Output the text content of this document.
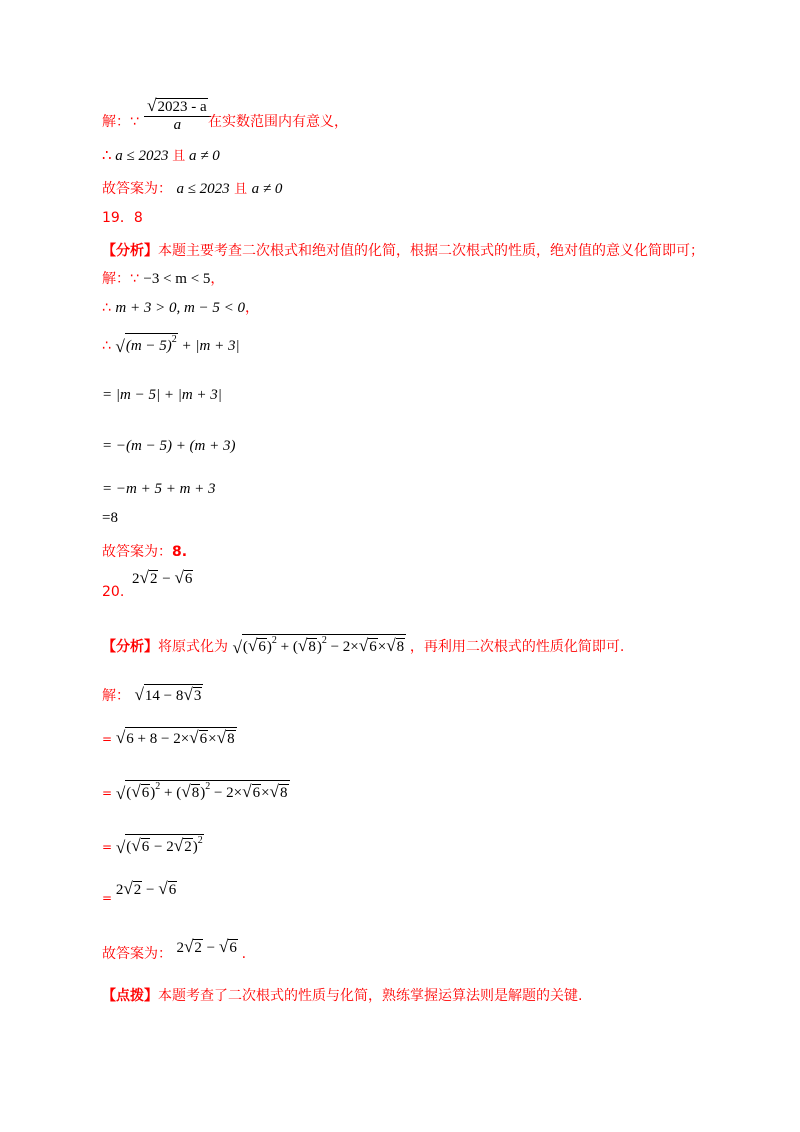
解：∵ $\frac{√2023 - a}{a}$
在实数范围内有意义，
∴ a ≤ 2023 且 a ≠ 0
故答案为： a ≤ 2023 且 a ≠ 0
19．8
【分析】本题主要考查二次根式和绝对值的化简，根据二次根式的性质，绝对值的意义化简即可；
解：∵ −3 < m < 5，
∴ m + 3 > 0, m − 5 < 0，
∴ $√(m - 5)^2 + |m + 3|$
= |m − 5| + |m + 3|
= −(m − 5) + (m + 3)
= −m + 5 + m + 3
=8
故答案为：8.
20.
2√2 − √6
【分析】将原式化为 $√(√6)^2 + (√8)^2 - 2\times√6\times√8$ ，再利用二次根式的性质化简即可.
解： √14 − 8√3
= √6 + 8 − 2×√6×√8
= $√(√6)^2 + (√8)^2 - 2\times√6\times√8$
= $√(√6 - 2√2)^2$
$_=$ 2√2 − √6
故答案为： 2√2 − √6 .
【点拨】本题考查了二次根式的性质与化简，熟练掌握运算法则是解题的关键.
